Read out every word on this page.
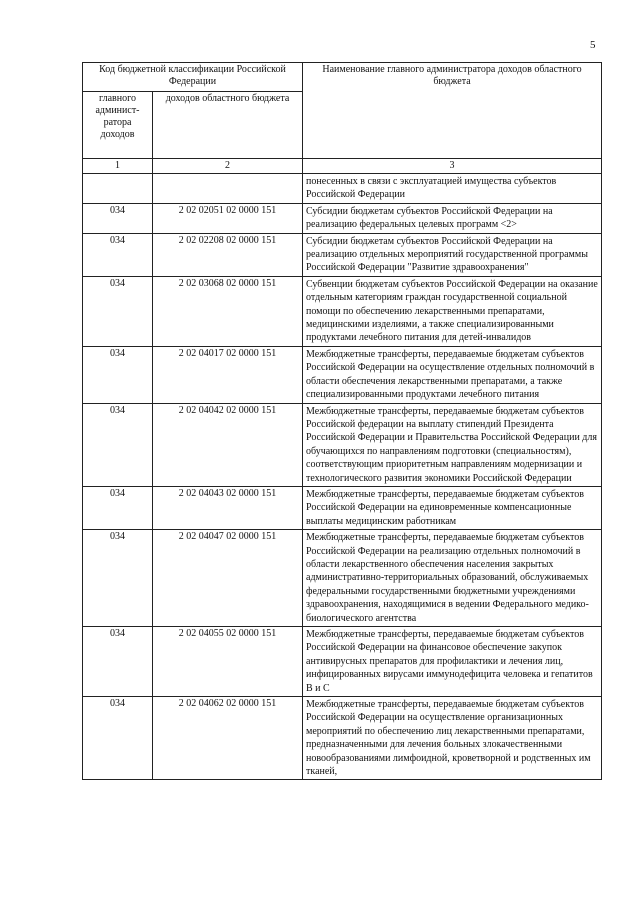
5
Код бюджетной классификации Российской Федерации		Наименование главного администратора доходов областного бюджета
главного админист-ратора доходов	доходов областного бюджета	
1	2	3
		понесенных в связи с эксплуатацией имущества субъектов Российской Федерации
034	2 02 02051 02 0000 151	Субсидии бюджетам субъектов Российской Федерации на реализацию федеральных целевых программ <2>
034	2 02 02208 02 0000 151	Субсидии бюджетам субъектов Российской Федерации на реализацию отдельных мероприятий государственной программы Российской Федерации "Развитие здравоохранения"
034	2 02 03068 02 0000 151	Субвенции бюджетам субъектов Российской Федерации на оказание отдельным категориям граждан государственной социальной помощи по обеспечению лекарственными препаратами, медицинскими изделиями, а также специализированными продуктами лечебного питания для детей-инвалидов
034	2 02 04017 02 0000 151	Межбюджетные трансферты, передаваемые бюджетам субъектов Российской Федерации на осуществление отдельных полномочий в области обеспечения лекарственными препаратами, а также специализированными продуктами лечебного питания
034	2 02 04042 02 0000 151	Межбюджетные трансферты, передаваемые бюджетам субъектов Российской федерации на выплату стипендий Президента Российской Федерации и Правительства Российской Федерации для обучающихся по направлениям подготовки (специальностям), соответствующим приоритетным направлениям модернизации и технологического развития экономики Российской Федерации
034	2 02 04043 02 0000 151	Межбюджетные трансферты, передаваемые бюджетам субъектов Российской Федерации на единовременные компенсационные выплаты медицинским работникам
034	2 02 04047 02 0000 151	Межбюджетные трансферты, передаваемые бюджетам субъектов Российской Федерации на реализацию отдельных полномочий в области лекарственного обеспечения населения закрытых административно-территориальных образований, обслуживаемых федеральными государственными бюджетными учреждениями здравоохранения, находящимися в ведении Федерального медико-биологического агентства
034	2 02 04055 02 0000 151	Межбюджетные трансферты, передаваемые бюджетам субъектов Российской Федерации на финансовое обеспечение закупок антивирусных препаратов для профилактики и лечения лиц, инфицированных вирусами иммунодефицита человека и гепатитов В и С
034	2 02 04062 02 0000 151	Межбюджетные трансферты, передаваемые бюджетам субъектов Российской Федерации на осуществление организационных мероприятий по обеспечению лиц лекарственными препаратами, предназначенными для лечения больных злокачественными новообразованиями лимфоидной, кроветворной и родственных им тканей,
